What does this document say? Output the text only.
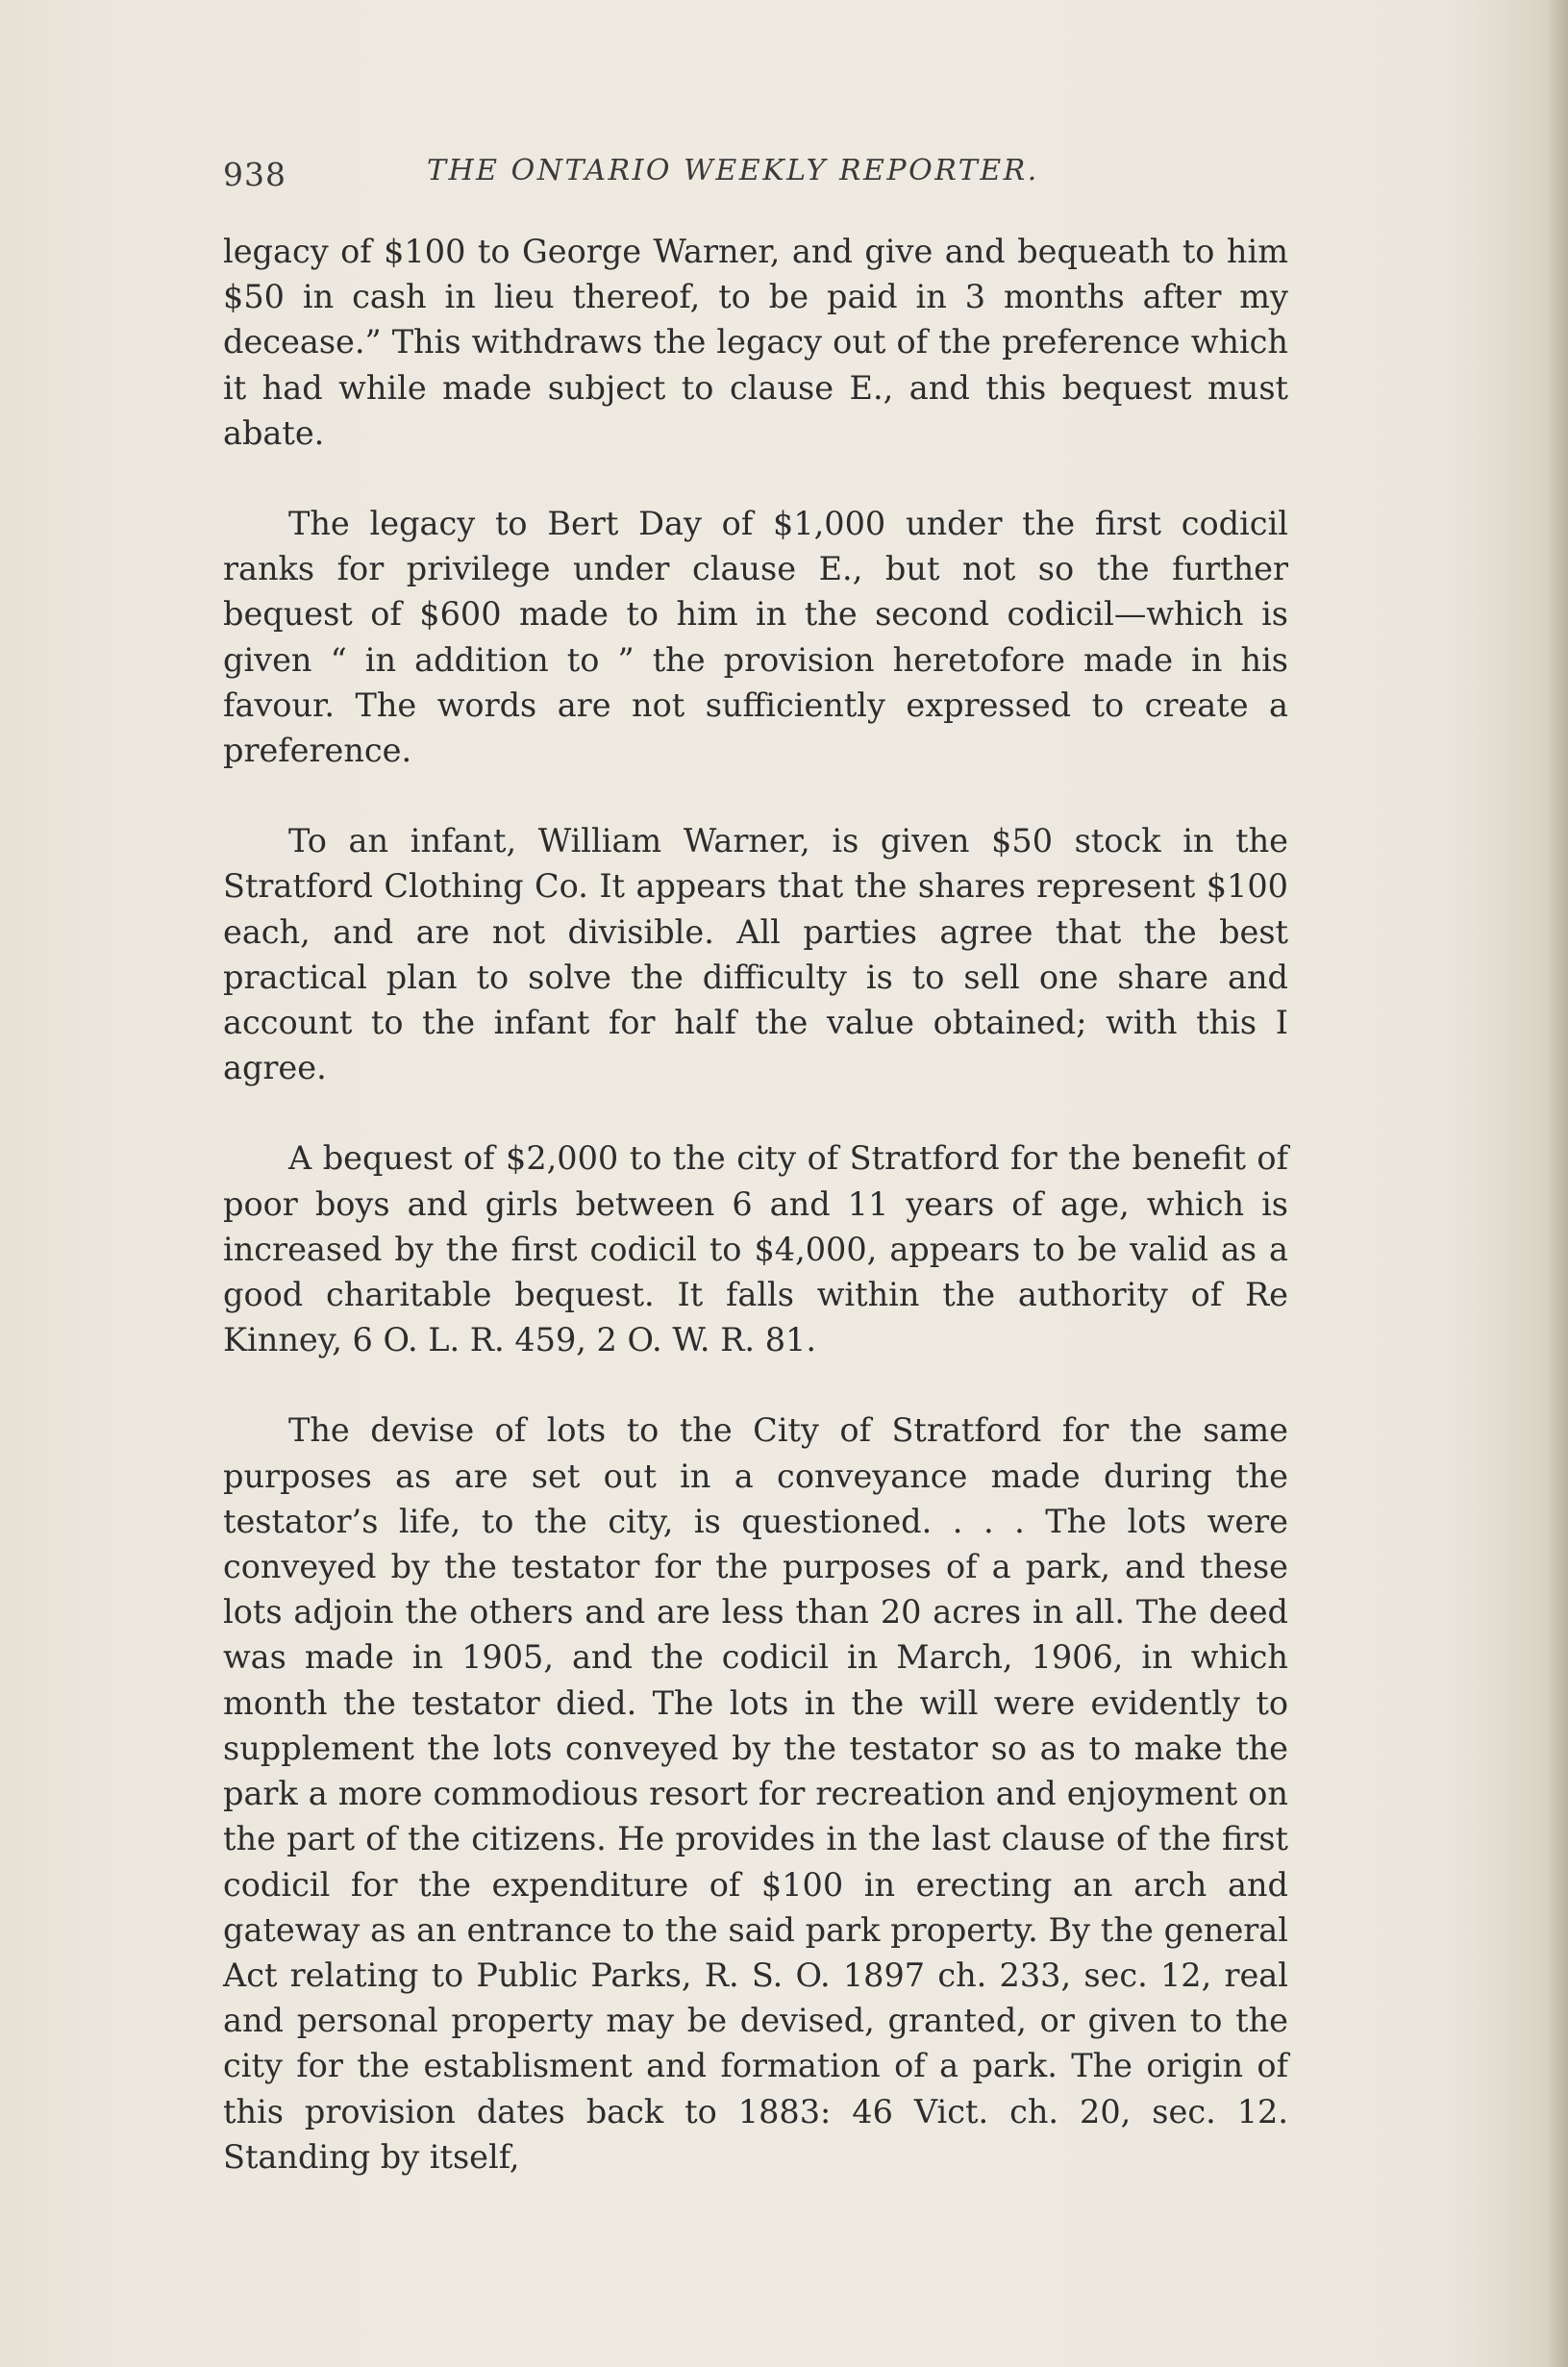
938	THE ONTARIO WEEKLY REPORTER.

legacy of $100 to George Warner, and give and bequeath to him $50 in cash in lieu thereof, to be paid in 3 months after my decease.” This withdraws the legacy out of the preference which it had while made subject to clause E., and this bequest must abate.

The legacy to Bert Day of $1,000 under the first codicil ranks for privilege under clause E., but not so the further bequest of $600 made to him in the second codicil—which is given “ in addition to ” the provision heretofore made in his favour. The words are not sufficiently expressed to create a preference.

To an infant, William Warner, is given $50 stock in the Stratford Clothing Co. It appears that the shares represent $100 each, and are not divisible. All parties agree that the best practical plan to solve the difficulty is to sell one share and account to the infant for half the value obtained; with this I agree.

A bequest of $2,000 to the city of Stratford for the benefit of poor boys and girls between 6 and 11 years of age, which is increased by the first codicil to $4,000, appears to be valid as a good charitable bequest. It falls within the authority of Re Kinney, 6 O. L. R. 459, 2 O. W. R. 81.

The devise of lots to the City of Stratford for the same purposes as are set out in a conveyance made during the testator’s life, to the city, is questioned. . . . The lots were conveyed by the testator for the purposes of a park, and these lots adjoin the others and are less than 20 acres in all. The deed was made in 1905, and the codicil in March, 1906, in which month the testator died. The lots in the will were evidently to supplement the lots conveyed by the testator so as to make the park a more commodious resort for recreation and enjoyment on the part of the citizens. He provides in the last clause of the first codicil for the expenditure of $100 in erecting an arch and gateway as an entrance to the said park property. By the general Act relating to Public Parks, R. S. O. 1897 ch. 233, sec. 12, real and personal property may be devised, granted, or given to the city for the establisment and formation of a park. The origin of this provision dates back to 1883: 46 Vict. ch. 20, sec. 12. Standing by itself,
